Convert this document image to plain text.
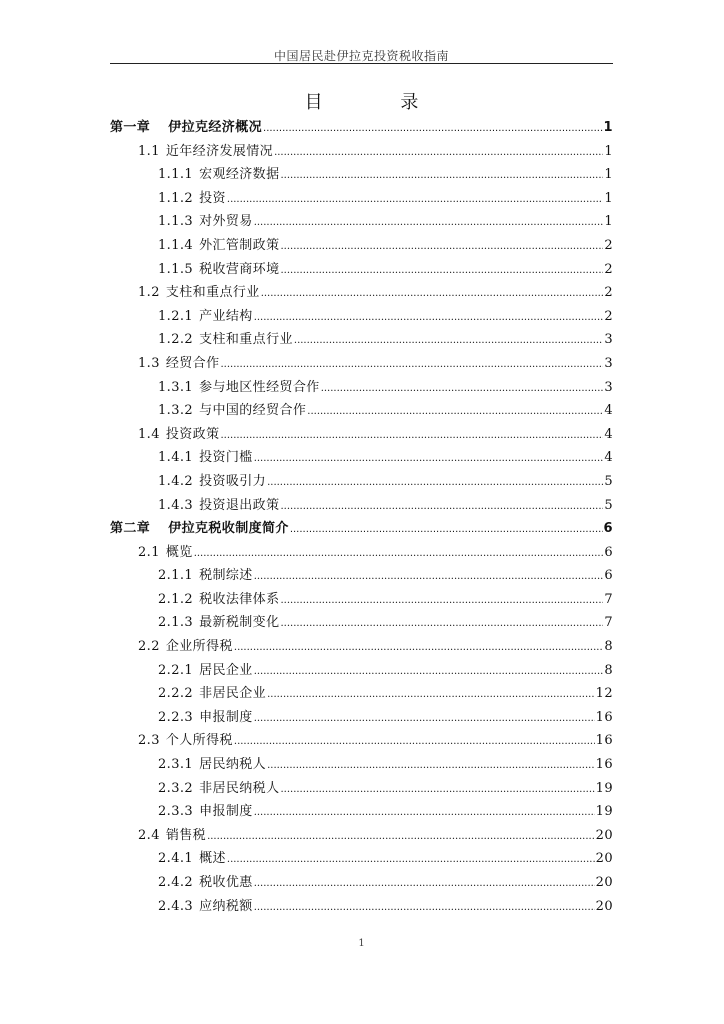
中国居民赴伊拉克投资税收指南
目 录
第一章 伊拉克经济概况 .....	1
1.1 近年经济发展情况 .....	1
1.1.1 宏观经济数据 .....	1
1.1.2 投资 .....	1
1.1.3 对外贸易 .....	1
1.1.4 外汇管制政策 .....	2
1.1.5 税收营商环境 .....	2
1.2 支柱和重点行业 .....	2
1.2.1 产业结构 .....	2
1.2.2 支柱和重点行业 .....	3
1.3 经贸合作 .....	3
1.3.1 参与地区性经贸合作 .....	3
1.3.2 与中国的经贸合作 .....	4
1.4 投资政策 .....	4
1.4.1 投资门槛 .....	4
1.4.2 投资吸引力 .....	5
1.4.3 投资退出政策 .....	5
第二章 伊拉克税收制度简介 .....	6
2.1 概览 .....	6
2.1.1 税制综述 .....	6
2.1.2 税收法律体系 .....	7
2.1.3 最新税制变化 .....	7
2.2 企业所得税 .....	8
2.2.1 居民企业 .....	8
2.2.2 非居民企业 .....	12
2.2.3 申报制度 .....	16
2.3 个人所得税 .....	16
2.3.1 居民纳税人 .....	16
2.3.2 非居民纳税人 .....	19
2.3.3 申报制度 .....	19
2.4 销售税 .....	20
2.4.1 概述 .....	20
2.4.2 税收优惠 .....	20
2.4.3 应纳税额 .....	20
1
